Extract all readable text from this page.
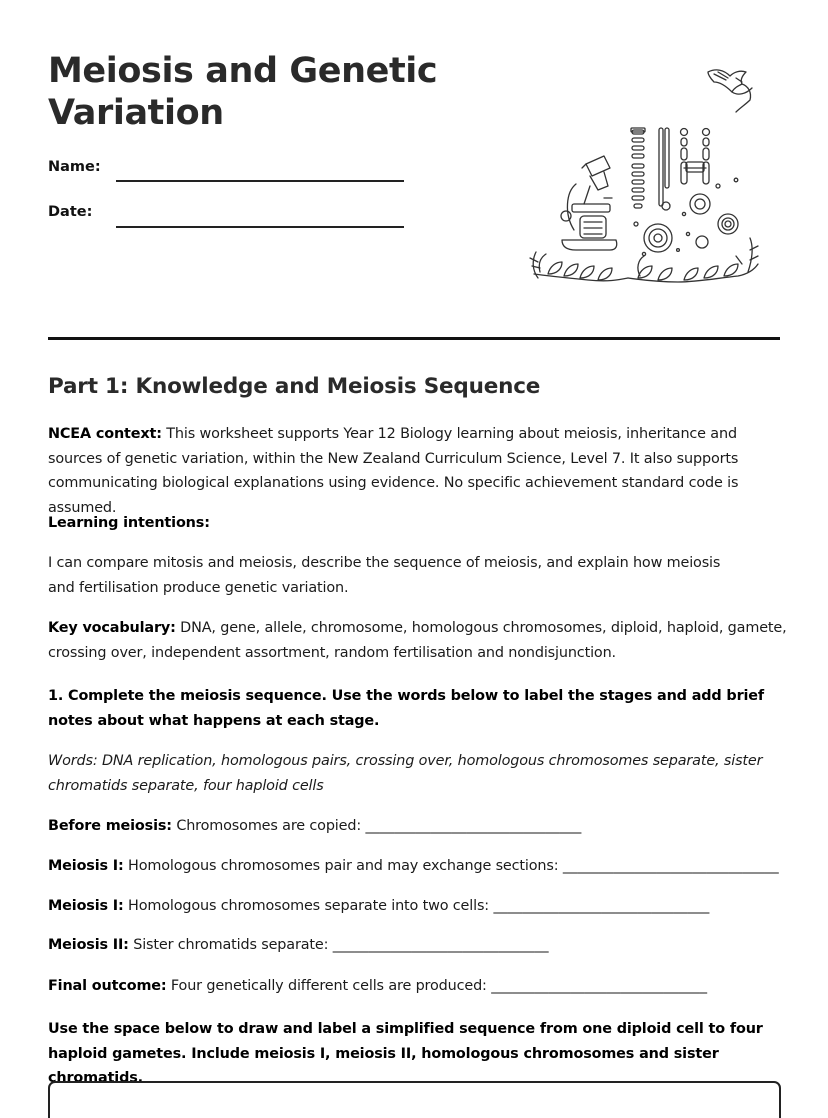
Meiosis and Genetic
Variation
Name:
Date:
Part 1: Knowledge and Meiosis Sequence

NCEA context: This worksheet supports Year 12 Biology learning about meiosis, inheritance and sources of genetic variation, within the New Zealand Curriculum Science, Level 7. It also supports communicating biological explanations using evidence. No specific achievement standard code is assumed.

Learning intentions:

I can compare mitosis and meiosis, describe the sequence of meiosis, and explain how meiosis and fertilisation produce genetic variation.

Key vocabulary: DNA, gene, allele, chromosome, homologous chromosomes, diploid, haploid, gamete, crossing over, independent assortment, random fertilisation and nondisjunction.

1. Complete the meiosis sequence. Use the words below to label the stages and add brief notes about what happens at each stage.

Words: DNA replication, homologous pairs, crossing over, homologous chromosomes separate, sister chromatids separate, four haploid cells

Before meiosis: Chromosomes are copied: ______________________________

Meiosis I: Homologous chromosomes pair and may exchange sections: ______________________________

Meiosis I: Homologous chromosomes separate into two cells: ______________________________

Meiosis II: Sister chromatids separate: ______________________________

Final outcome: Four genetically different cells are produced: ______________________________

Use the space below to draw and label a simplified sequence from one diploid cell to four haploid gametes. Include meiosis I, meiosis II, homologous chromosomes and sister chromatids.
